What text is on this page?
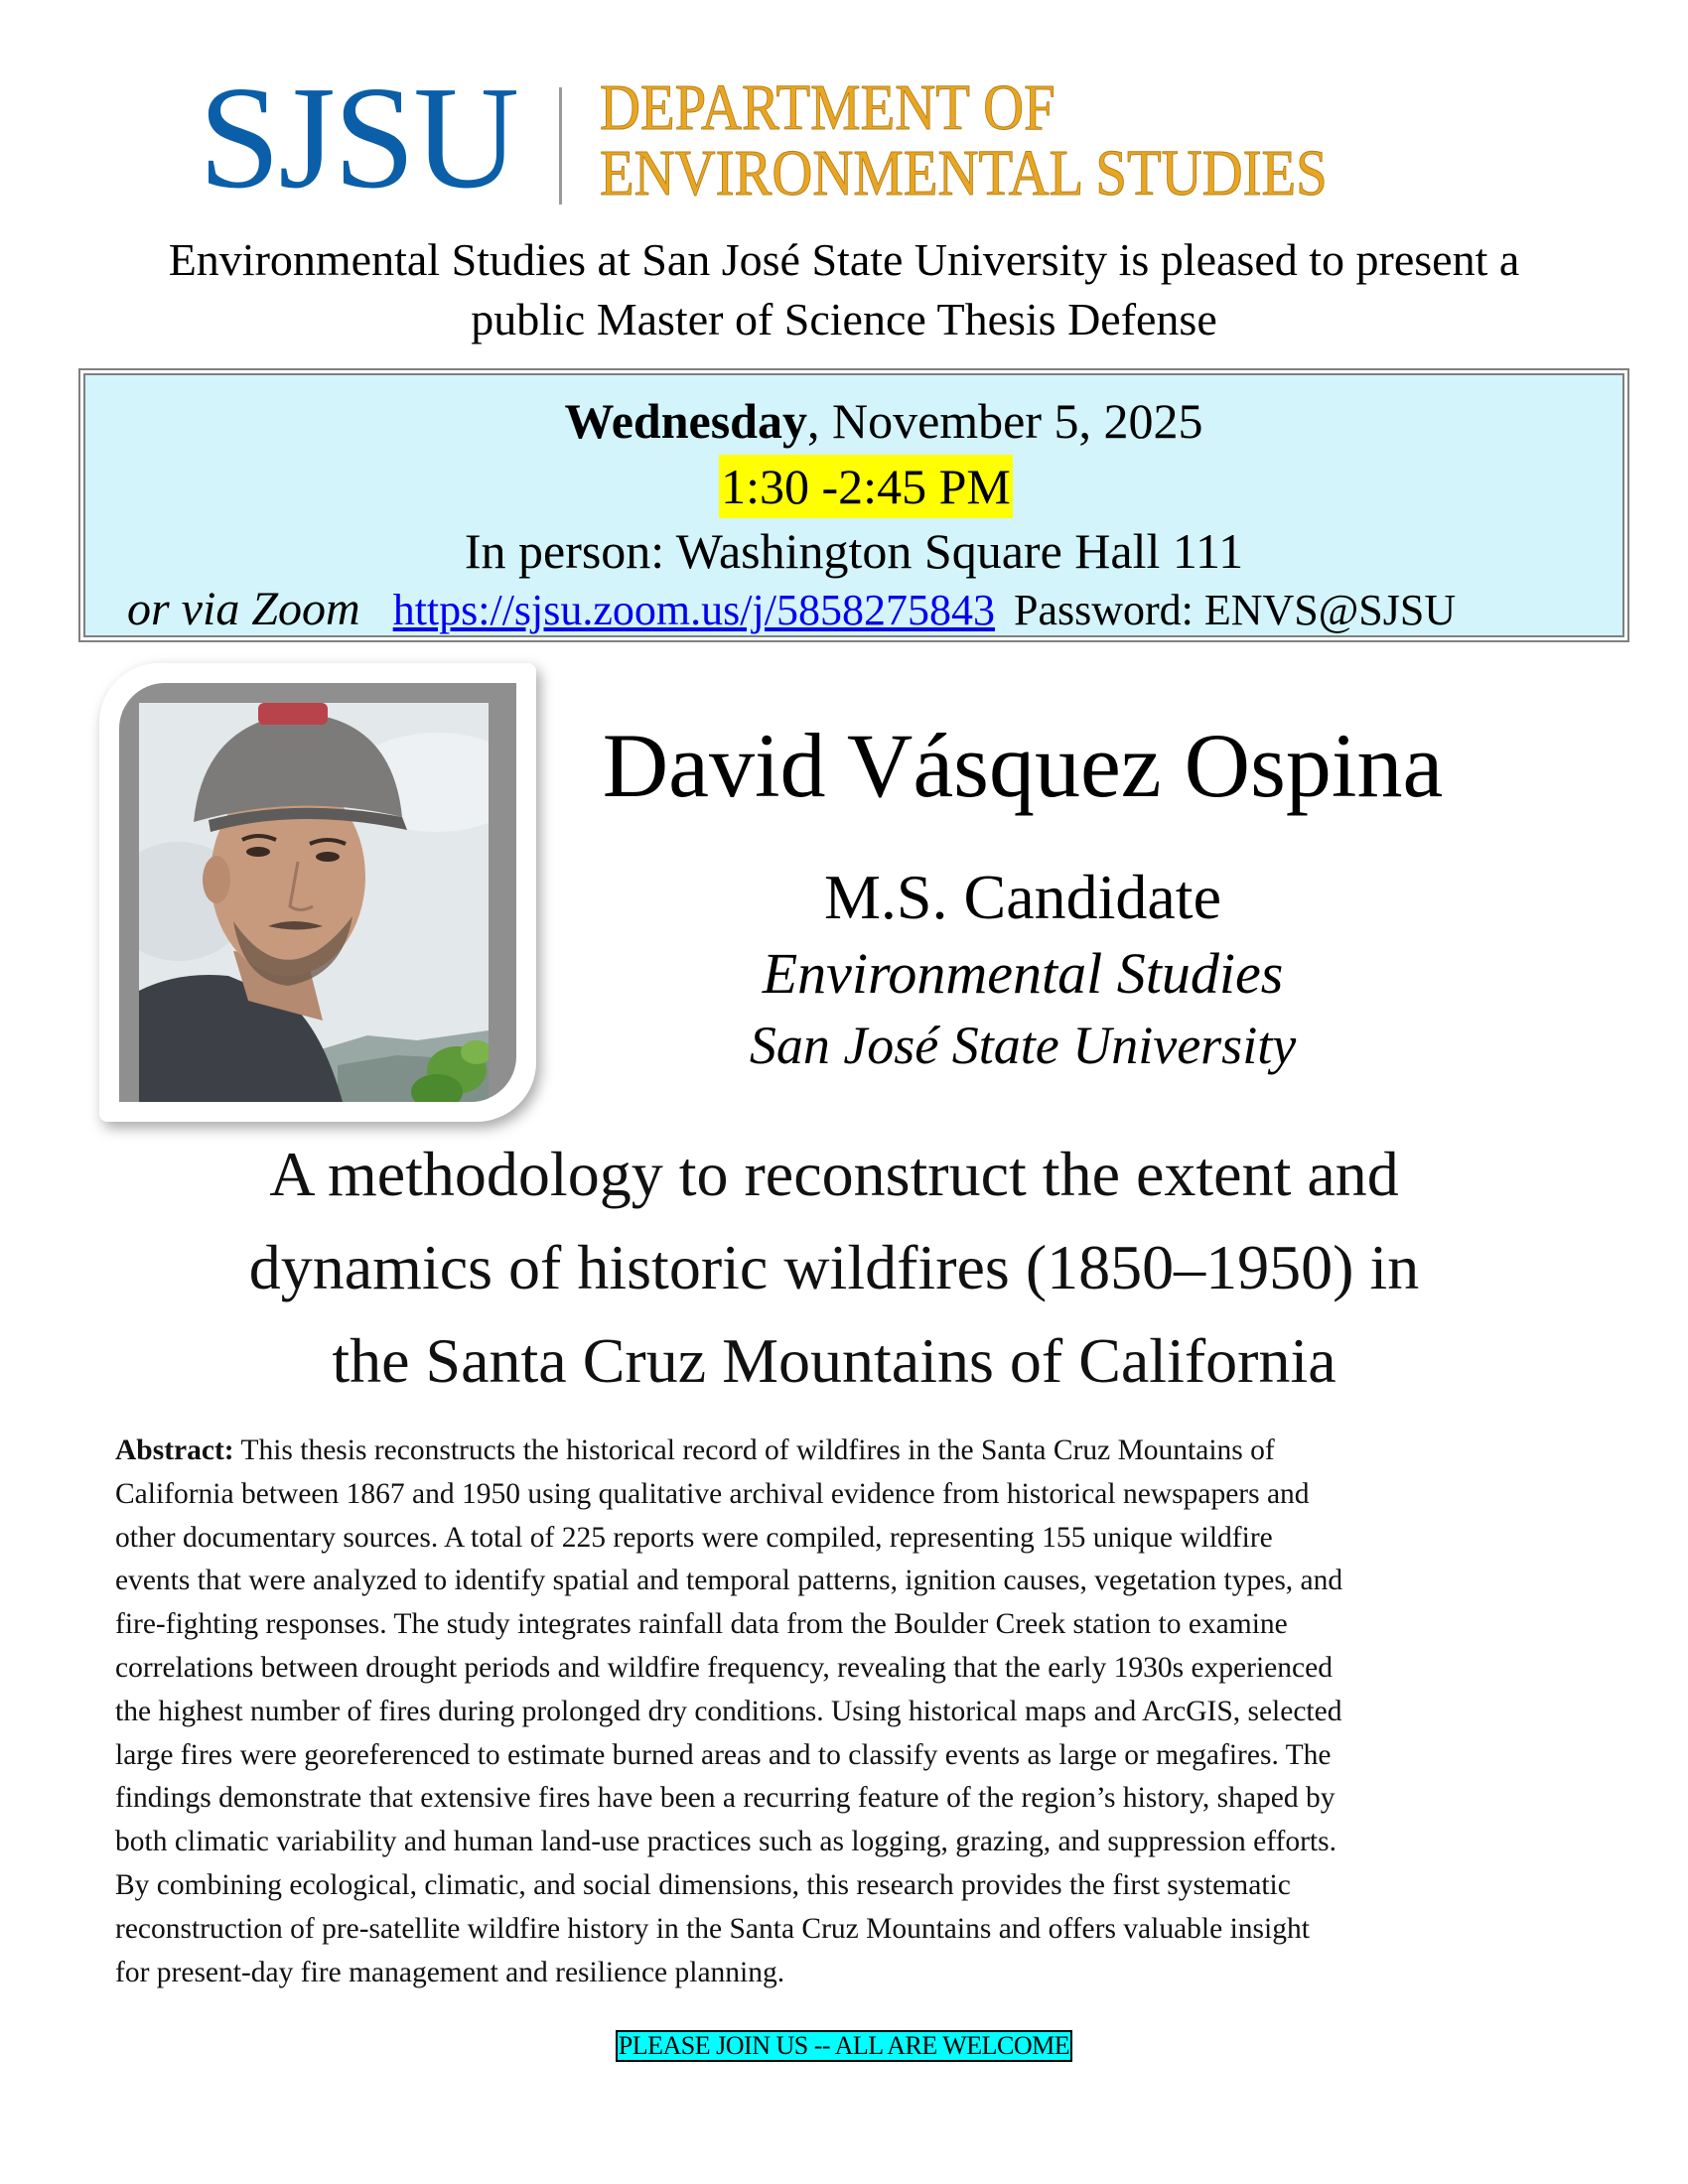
SJSU DEPARTMENT OF
ENVIRONMENTAL STUDIES
Environmental Studies at San José State University is pleased to present a
public Master of Science Thesis Defense
Wednesday, November 5, 2025
1:30 -2:45 PM
In person: Washington Square Hall 111
or via Zoom https://sjsu.zoom.us/j/5858275843 Password: ENVS@SJSU
David Vásquez Ospina
M.S. Candidate
Environmental Studies
San José State University
A methodology to reconstruct the extent and
dynamics of historic wildfires (1850–1950) in
the Santa Cruz Mountains of California
Abstract: This thesis reconstructs the historical record of wildfires in the Santa Cruz Mountains of
California between 1867 and 1950 using qualitative archival evidence from historical newspapers and
other documentary sources. A total of 225 reports were compiled, representing 155 unique wildfire
events that were analyzed to identify spatial and temporal patterns, ignition causes, vegetation types, and
fire-fighting responses. The study integrates rainfall data from the Boulder Creek station to examine
correlations between drought periods and wildfire frequency, revealing that the early 1930s experienced
the highest number of fires during prolonged dry conditions. Using historical maps and ArcGIS, selected
large fires were georeferenced to estimate burned areas and to classify events as large or megafires. The
findings demonstrate that extensive fires have been a recurring feature of the region’s history, shaped by
both climatic variability and human land-use practices such as logging, grazing, and suppression efforts.
By combining ecological, climatic, and social dimensions, this research provides the first systematic
reconstruction of pre-satellite wildfire history in the Santa Cruz Mountains and offers valuable insight
for present-day fire management and resilience planning.
PLEASE JOIN US -- ALL ARE WELCOME
